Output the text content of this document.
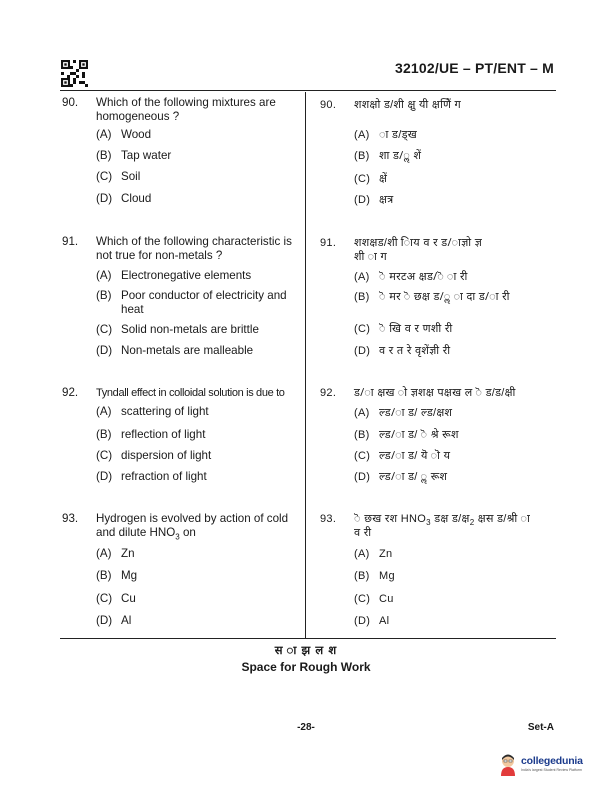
32102/UE – PT/ENT – M
90. Which of the following mixtures are
homogeneous ?
(A) Wood
(B) Tap water
(C) Soil
(D) Cloud
91. Which of the following characteristic is
not true for non-metals ?
(A) Electronegative elements
(B) Poor conductor of electricity and heat
(C) Solid non-metals are brittle
(D) Non-metals are malleable
92. Tyndall effect in colloidal solution is due to
(A) scattering of light
(B) reflection of light
(C) dispersion of light
(D) refraction of light
93. Hydrogen is evolved by action of cold
and dilute $HNO_3$ on
(A) Zn
(B) Mg
(C) Cu
(D) Al
90. शशक्षो ड/शी क्षु यी क्षणेिं ग
(A) ा ड/ड्ख
(B) शा ड/ॢ शें
(C) क्षें
(D) क्षत्र
91. शशक्षड/शी ािय व र ड/ाज्ञो ज्ञ
शी ा ग
(A) ॆ मरटअ क्षड/ॆ ा री
(B) ॆ मर ॆ छक्ष ड/ॢ ा दा ड/ा री
(C) ॆ खि व र णशी री
(D)व र त रे वृशेंज्ञी री
92. ड/ा क्षख ो ज्ञशक्ष पक्षख ल ॆ ड/ड/क्षी
(A) ल्ड/ा ड/ ल्ड/क्षश
(B) ल्ड/ा ड/ ॆ श्रे रूश
(C) ल्ड/ा ड/ यॆ ाॆ य
(D) ल्ड/ा ड/ ॢ रूश
93. ॆ छख रश $HNO_3$ डक्ष ड/क्ष$_2$ क्षस ड/श्री ा
व री
(A) Zn
(B) Mg
(C) Cu
(D) Al
स ा झ ल श
Space for Rough Work
-28-	Set-A
collegedunia
India's largest Student Review Platform
